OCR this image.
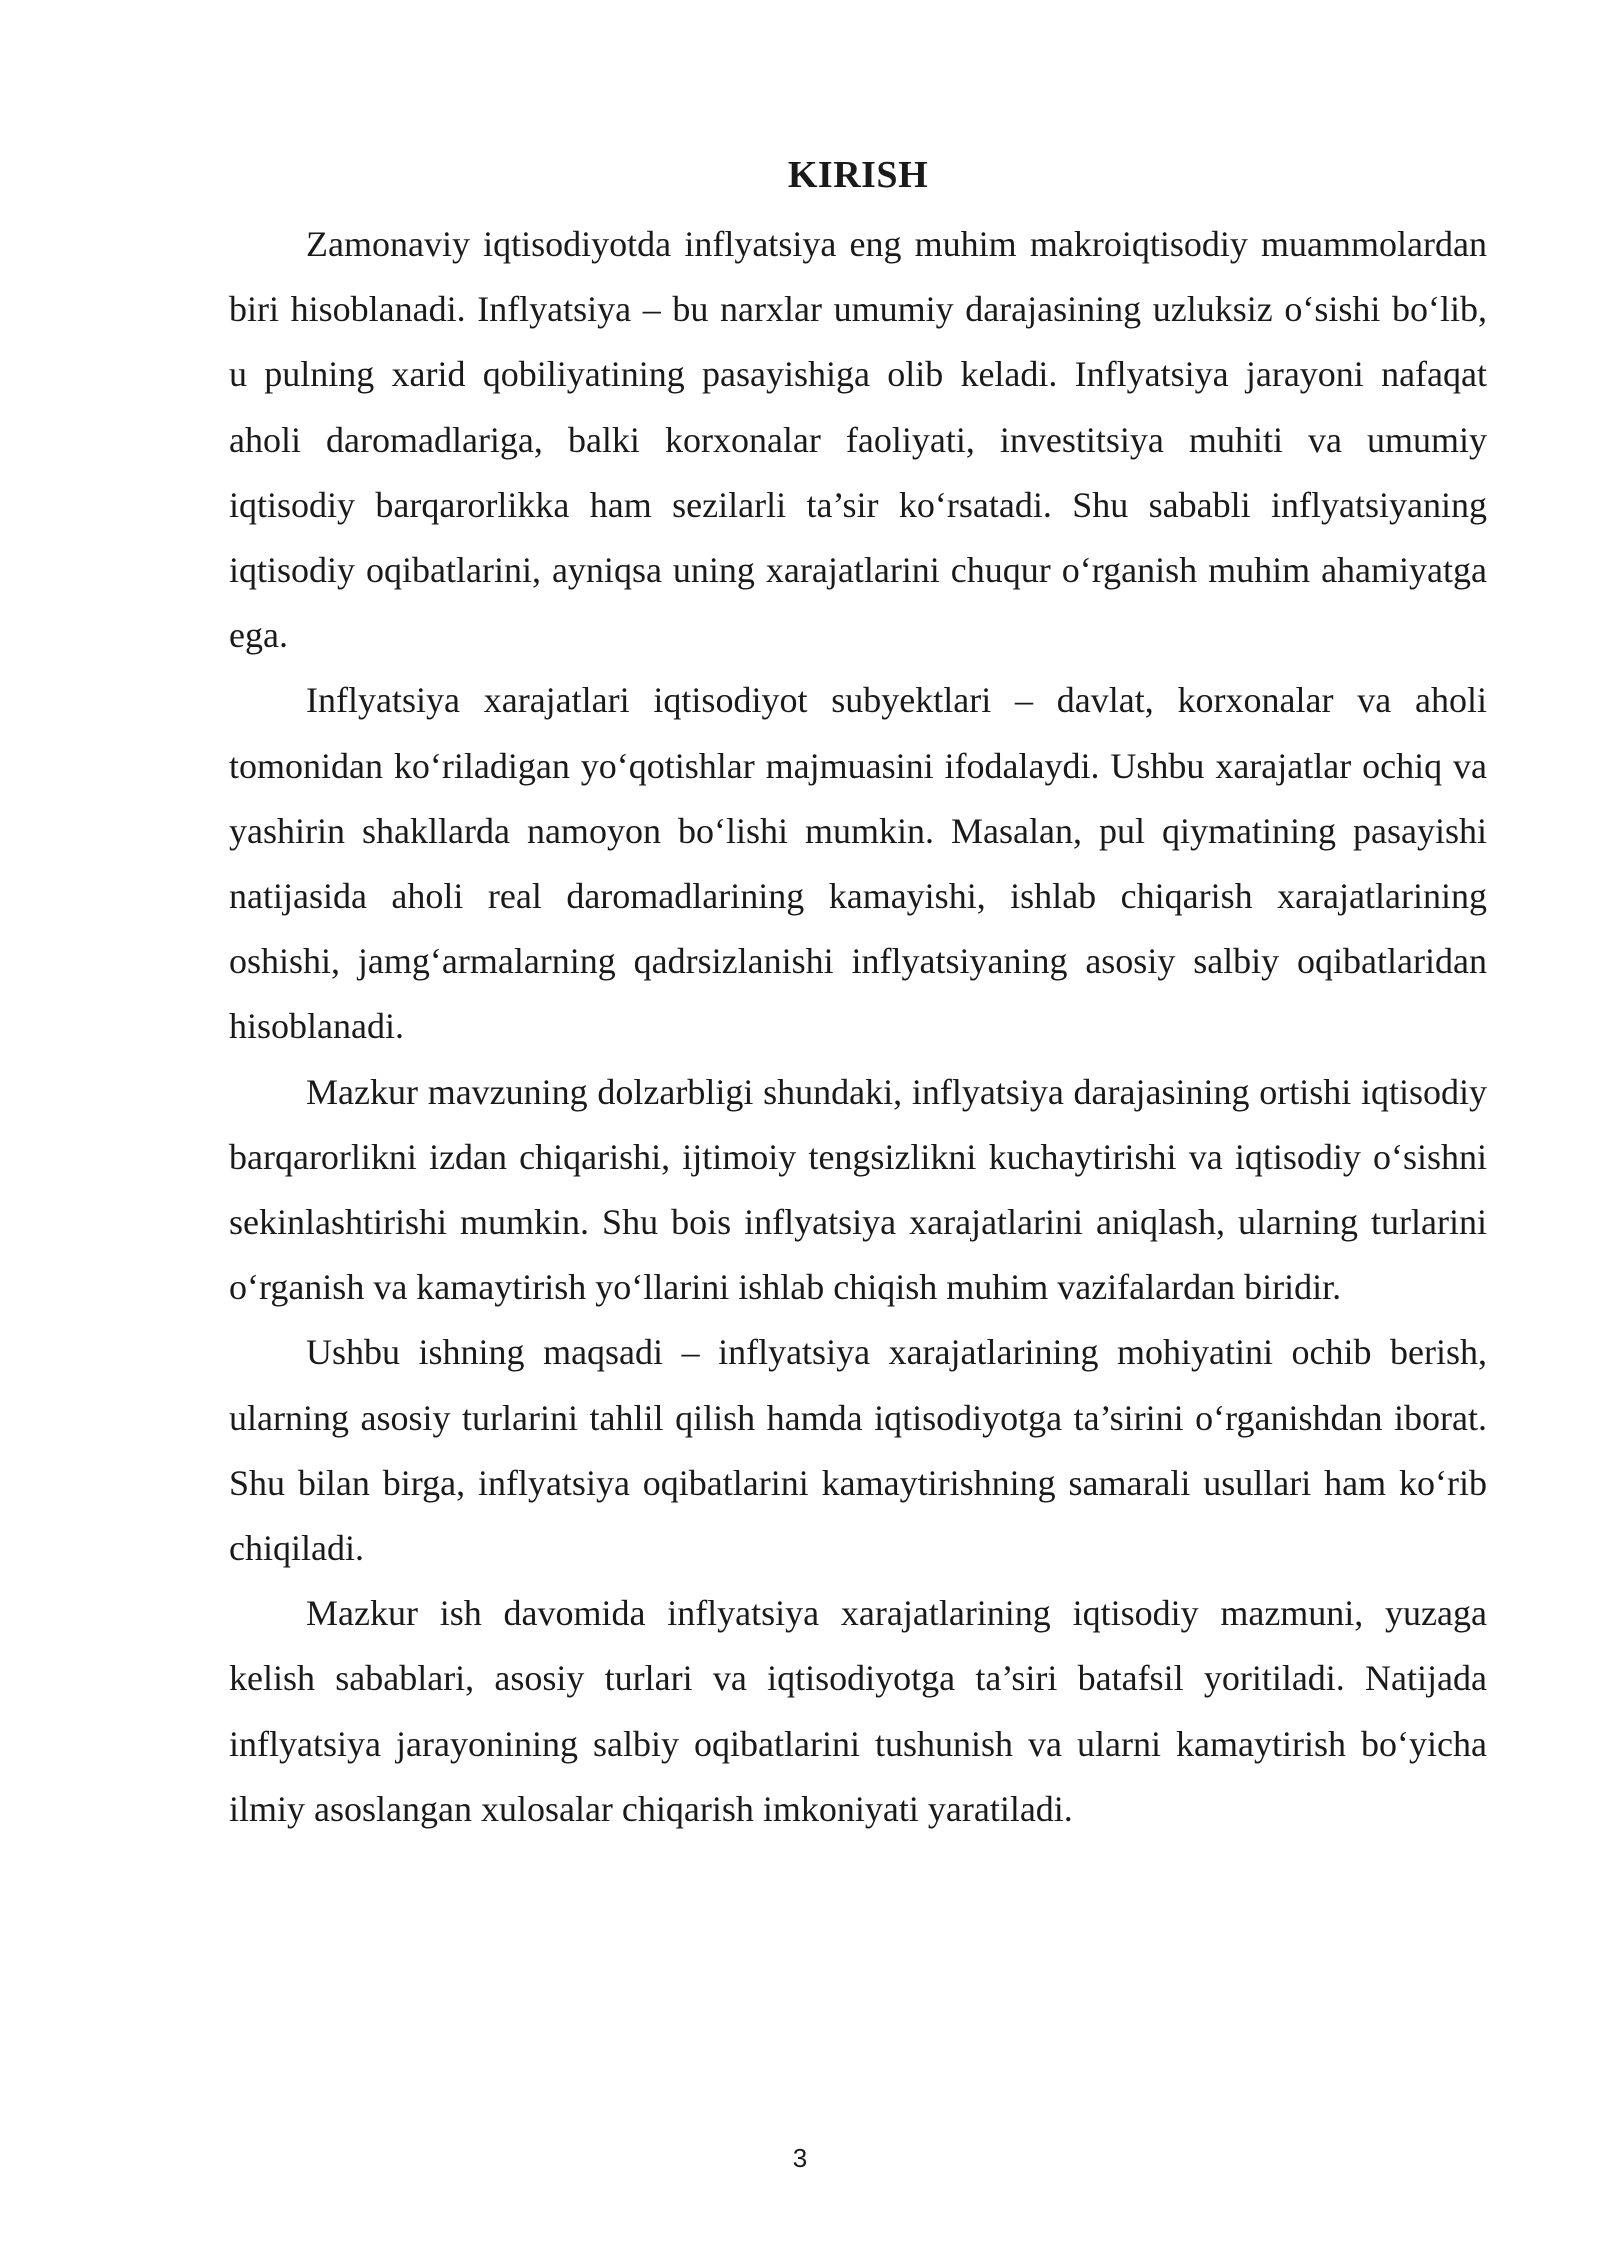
KIRISH

Zamonaviy iqtisodiyotda inflyatsiya eng muhim makroiqtisodiy muammolardan biri hisoblanadi. Inflyatsiya – bu narxlar umumiy darajasining uzluksiz o‘sishi bo‘lib, u pulning xarid qobiliyatining pasayishiga olib keladi. Inflyatsiya jarayoni nafaqat aholi daromadlariga, balki korxonalar faoliyati, investitsiya muhiti va umumiy iqtisodiy barqarorlikka ham sezilarli ta’sir ko‘rsatadi. Shu sababli inflyatsiyaning iqtisodiy oqibatlarini, ayniqsa uning xarajatlarini chuqur o‘rganish muhim ahamiyatga ega.

Inflyatsiya xarajatlari iqtisodiyot subyektlari – davlat, korxonalar va aholi tomonidan ko‘riladigan yo‘qotishlar majmuasini ifodalaydi. Ushbu xarajatlar ochiq va yashirin shakllarda namoyon bo‘lishi mumkin. Masalan, pul qiymatining pasayishi natijasida aholi real daromadlarining kamayishi, ishlab chiqarish xarajatlarining oshishi, jamg‘armalarning qadrsizlanishi inflyatsiyaning asosiy salbiy oqibatlaridan hisoblanadi.

Mazkur mavzuning dolzarbligi shundaki, inflyatsiya darajasining ortishi iqtisodiy barqarorlikni izdan chiqarishi, ijtimoiy tengsizlikni kuchaytirishi va iqtisodiy o‘sishni sekinlashtirishi mumkin. Shu bois inflyatsiya xarajatlarini aniqlash, ularning turlarini o‘rganish va kamaytirish yo‘llarini ishlab chiqish muhim vazifalardan biridir.

Ushbu ishning maqsadi – inflyatsiya xarajatlarining mohiyatini ochib berish, ularning asosiy turlarini tahlil qilish hamda iqtisodiyotga ta’sirini o‘rganishdan iborat. Shu bilan birga, inflyatsiya oqibatlarini kamaytirishning samarali usullari ham ko‘rib chiqiladi.

Mazkur ish davomida inflyatsiya xarajatlarining iqtisodiy mazmuni, yuzaga kelish sabablari, asosiy turlari va iqtisodiyotga ta’siri batafsil yoritiladi. Natijada inflyatsiya jarayonining salbiy oqibatlarini tushunish va ularni kamaytirish bo‘yicha ilmiy asoslangan xulosalar chiqarish imkoniyati yaratiladi.

3
